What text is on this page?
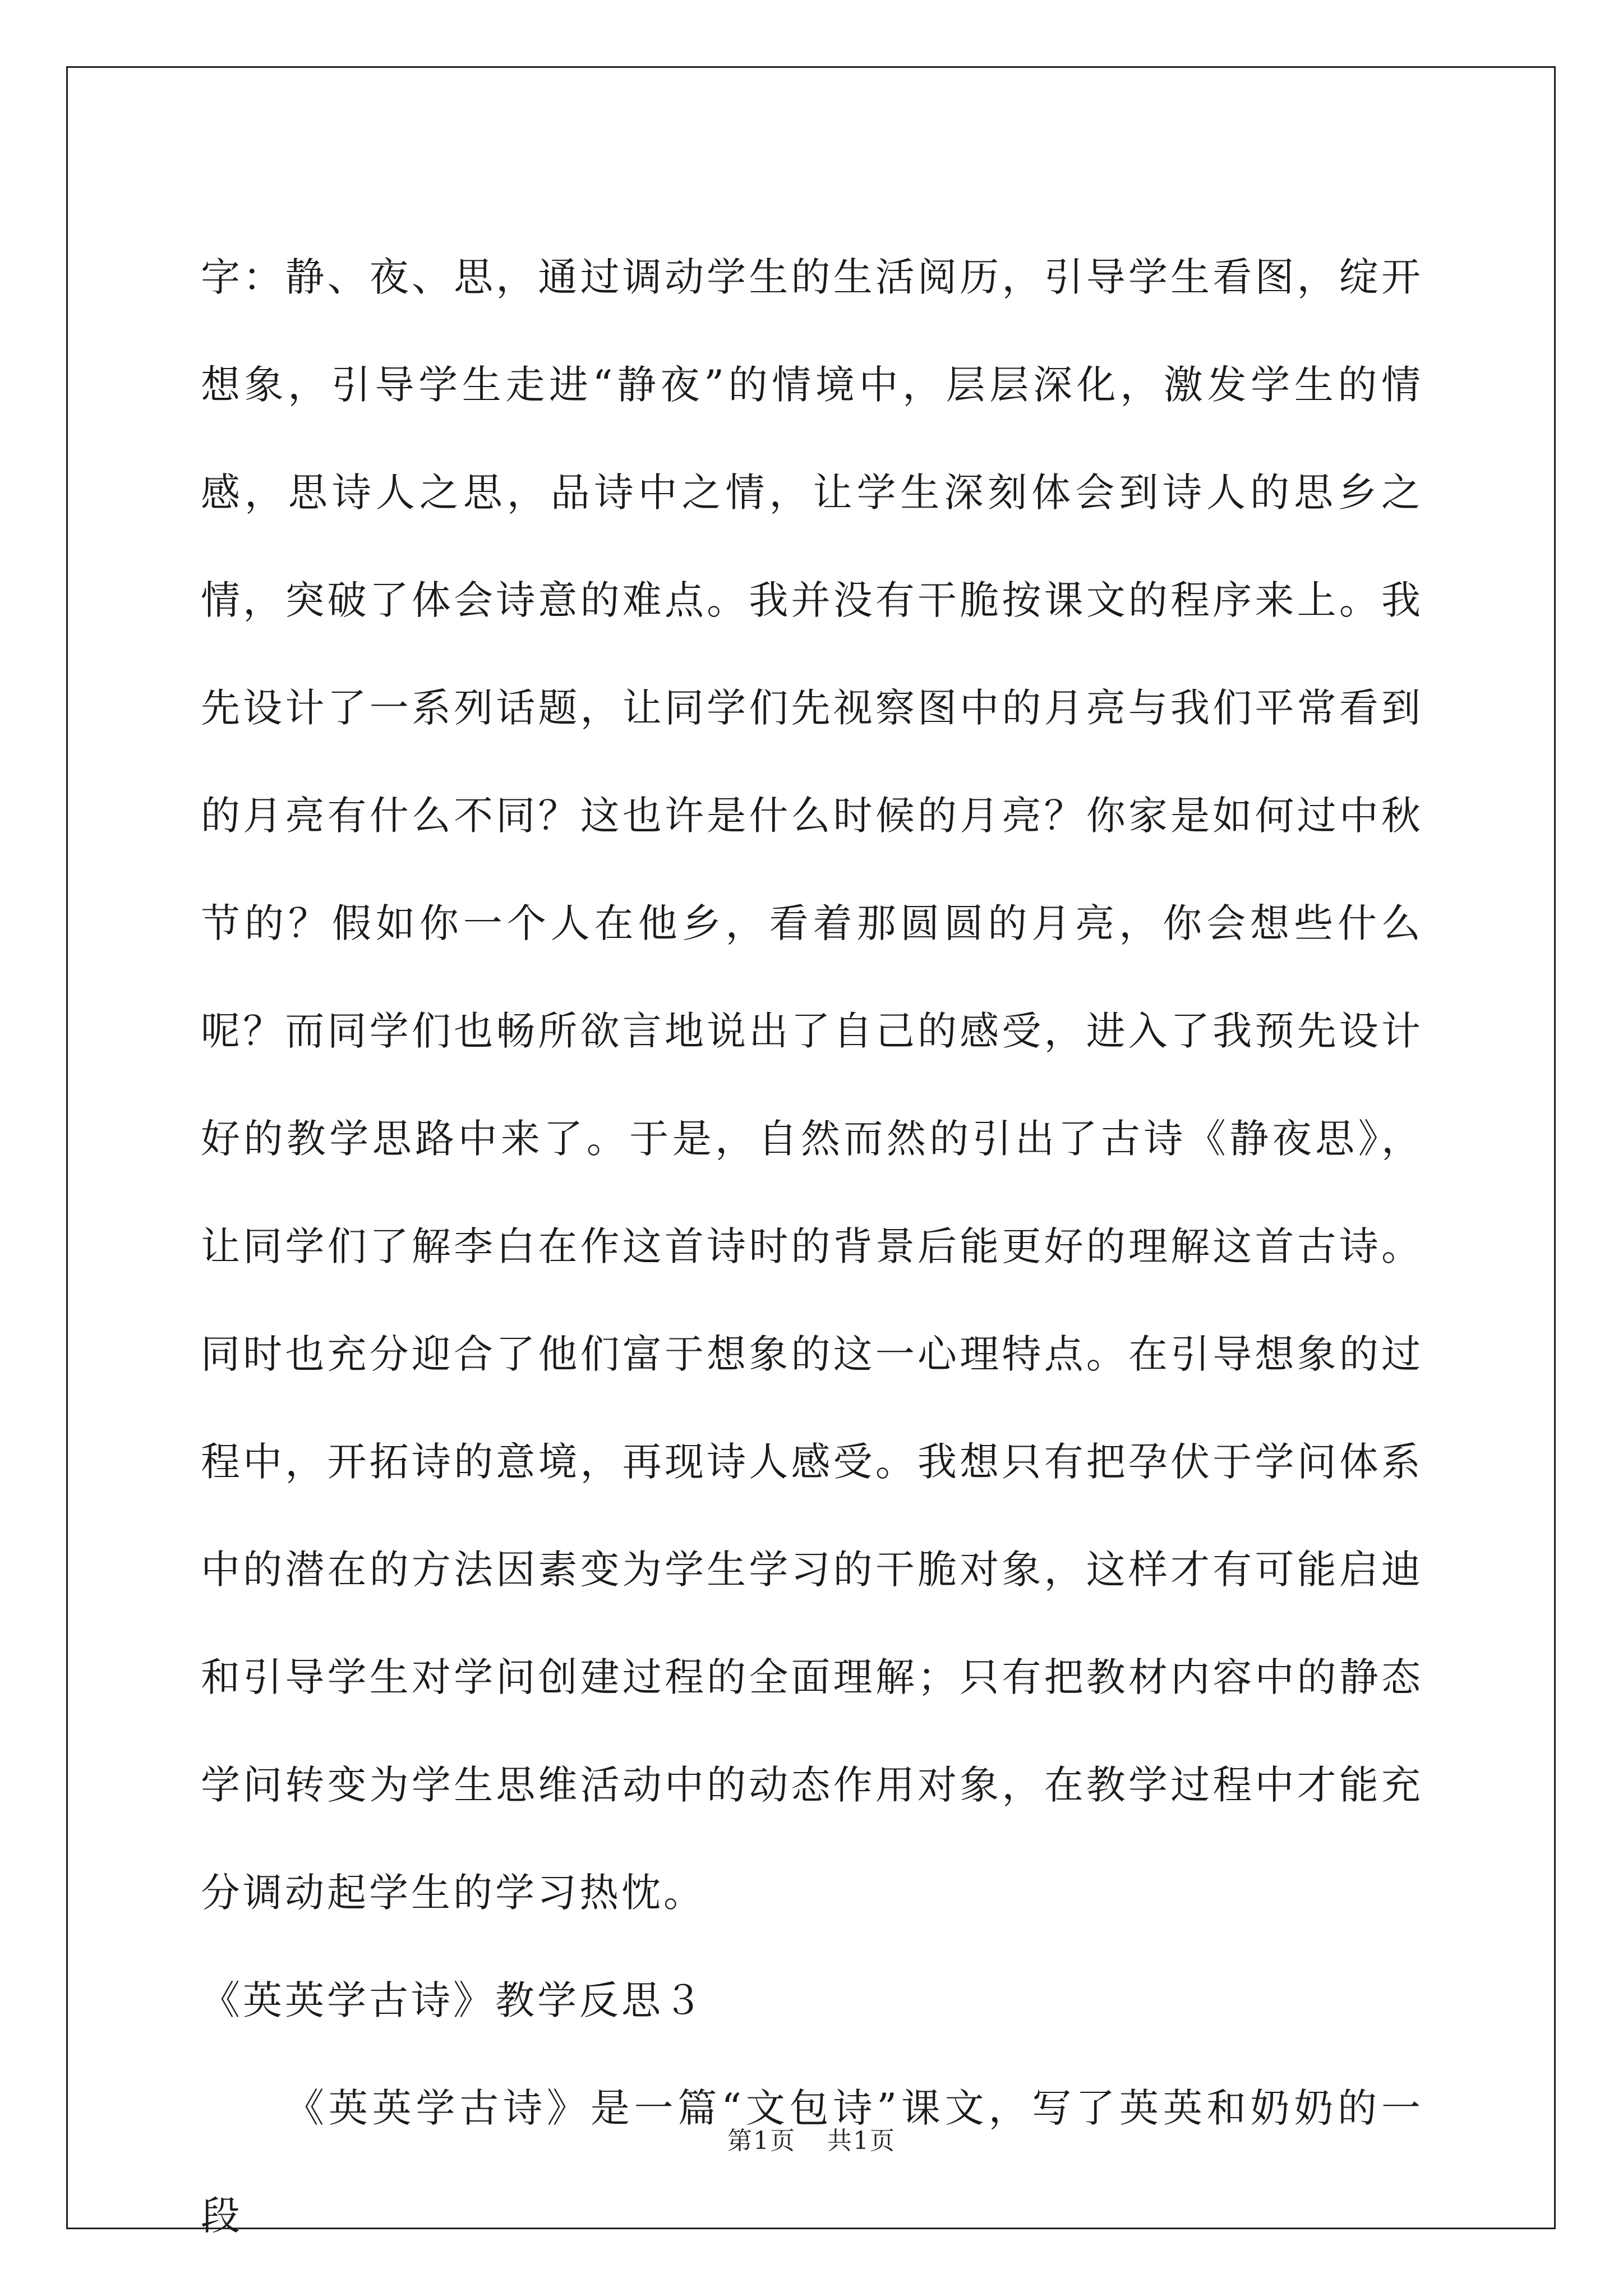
字：静、夜、思，通过调动学生的生活阅历，引导学生看图，绽开想象，引导学生走进“静夜”的情境中，层层深化，激发学生的情感，思诗人之思，品诗中之情，让学生深刻体会到诗人的思乡之情，突破了体会诗意的难点。我并没有干脆按课文的程序来上。我先设计了一系列话题，让同学们先视察图中的月亮与我们平常看到的月亮有什么不同？这也许是什么时候的月亮？你家是如何过中秋节的？假如你一个人在他乡，看着那圆圆的月亮，你会想些什么呢？而同学们也畅所欲言地说出了自己的感受，进入了我预先设计好的教学思路中来了。于是，自然而然的引出了古诗《静夜思》，让同学们了解李白在作这首诗时的背景后能更好的理解这首古诗。同时也充分迎合了他们富于想象的这一心理特点。在引导想象的过程中，开拓诗的意境，再现诗人感受。我想只有把孕伏于学问体系中的潜在的方法因素变为学生学习的干脆对象，这样才有可能启迪和引导学生对学问创建过程的全面理解；只有把教材内容中的静态学问转变为学生思维活动中的动态作用对象，在教学过程中才能充分调动起学生的学习热忱。

《英英学古诗》教学反思３

《英英学古诗》是一篇“文包诗”课文，写了英英和奶奶的一段

第1页 共1页
